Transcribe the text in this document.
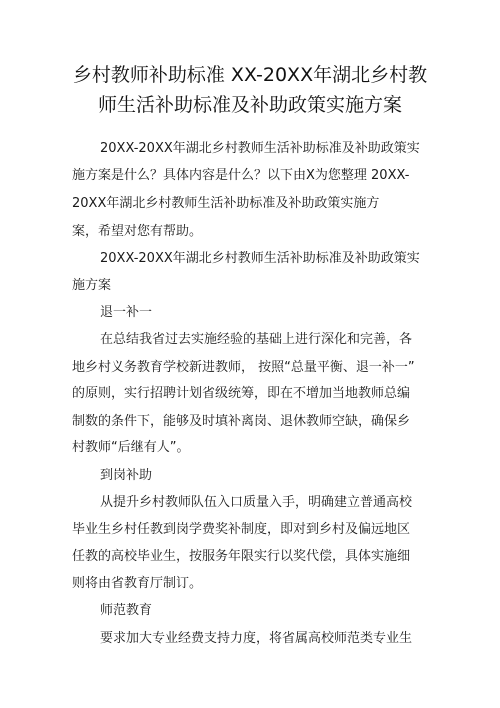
乡村教师补助标准 XX-20XX年湖北乡村教
师生活补助标准及补助政策实施方案
20XX-20XX年湖北乡村教师生活补助标准及补助政策实
施方案是什么？具体内容是什么？以下由X为您整理 20XX-
20XX年湖北乡村教师生活补助标准及补助政策实施方
案，希望对您有帮助。
20XX-20XX年湖北乡村教师生活补助标准及补助政策实
施方案
退一补一
在总结我省过去实施经验的基础上进行深化和完善，各
地乡村义务教育学校新进教师， 按照“总量平衡、退一补一”
的原则，实行招聘计划省级统筹，即在不增加当地教师总编
制数的条件下，能够及时填补离岗、退休教师空缺，确保乡
村教师“后继有人”。
到岗补助
从提升乡村教师队伍入口质量入手，明确建立普通高校
毕业生乡村任教到岗学费奖补制度，即对到乡村及偏远地区
任教的高校毕业生，按服务年限实行以奖代偿，具体实施细
则将由省教育厅制订。
师范教育
要求加大专业经费支持力度，将省属高校师范类专业生
